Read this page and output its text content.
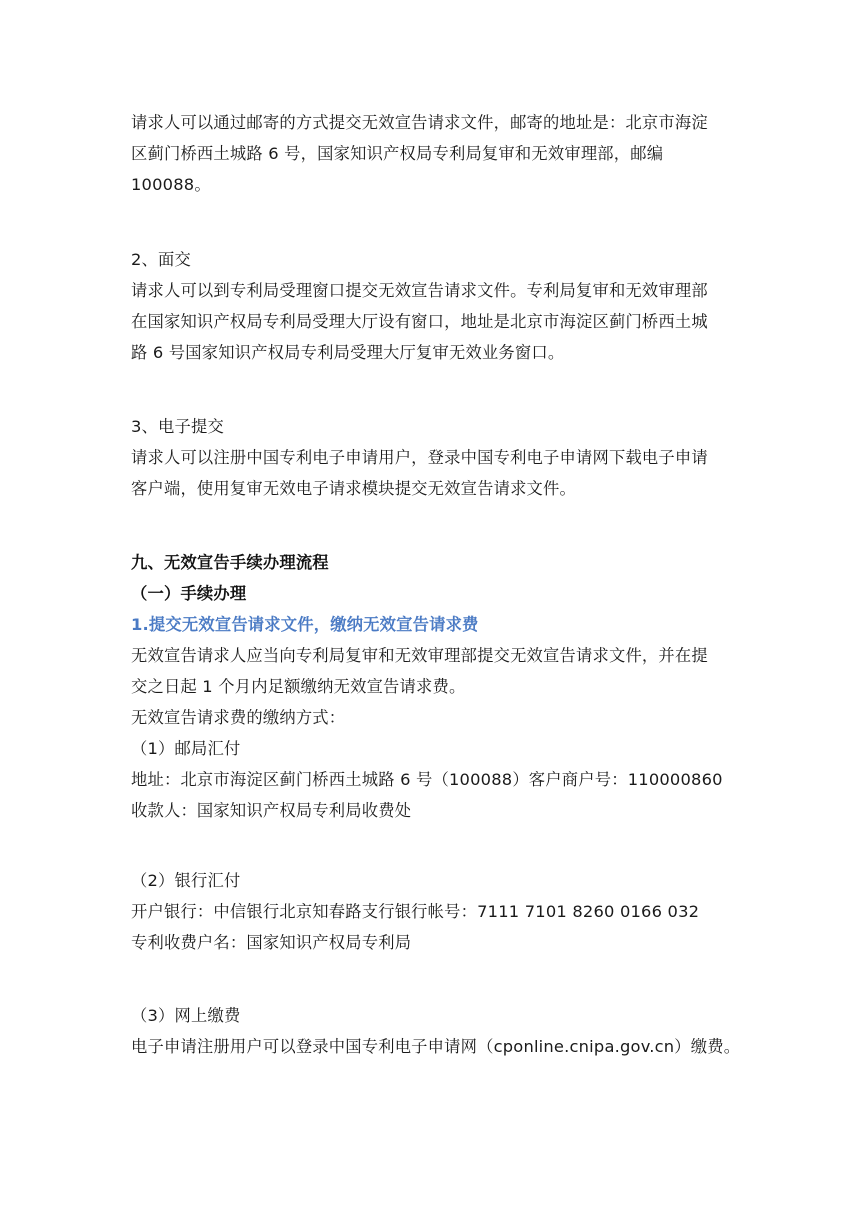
请求人可以通过邮寄的方式提交无效宣告请求文件，邮寄的地址是：北京市海淀
区蓟门桥西土城路 6 号，国家知识产权局专利局复审和无效审理部，邮编
100088。
2、面交
请求人可以到专利局受理窗口提交无效宣告请求文件。专利局复审和无效审理部
在国家知识产权局专利局受理大厅设有窗口，地址是北京市海淀区蓟门桥西土城
路 6 号国家知识产权局专利局受理大厅复审无效业务窗口。
3、电子提交
请求人可以注册中国专利电子申请用户，登录中国专利电子申请网下载电子申请
客户端，使用复审无效电子请求模块提交无效宣告请求文件。
九、无效宣告手续办理流程
（一）手续办理
1.提交无效宣告请求文件，缴纳无效宣告请求费
无效宣告请求人应当向专利局复审和无效审理部提交无效宣告请求文件，并在提
交之日起 1 个月内足额缴纳无效宣告请求费。
无效宣告请求费的缴纳方式：
（1）邮局汇付
地址：北京市海淀区蓟门桥西土城路 6 号（100088）客户商户号：110000860
收款人：国家知识产权局专利局收费处
（2）银行汇付
开户银行：中信银行北京知春路支行银行帐号：7111 7101 8260 0166 032
专利收费户名：国家知识产权局专利局
（3）网上缴费
电子申请注册用户可以登录中国专利电子申请网（cponline.cnipa.gov.cn）缴费。
